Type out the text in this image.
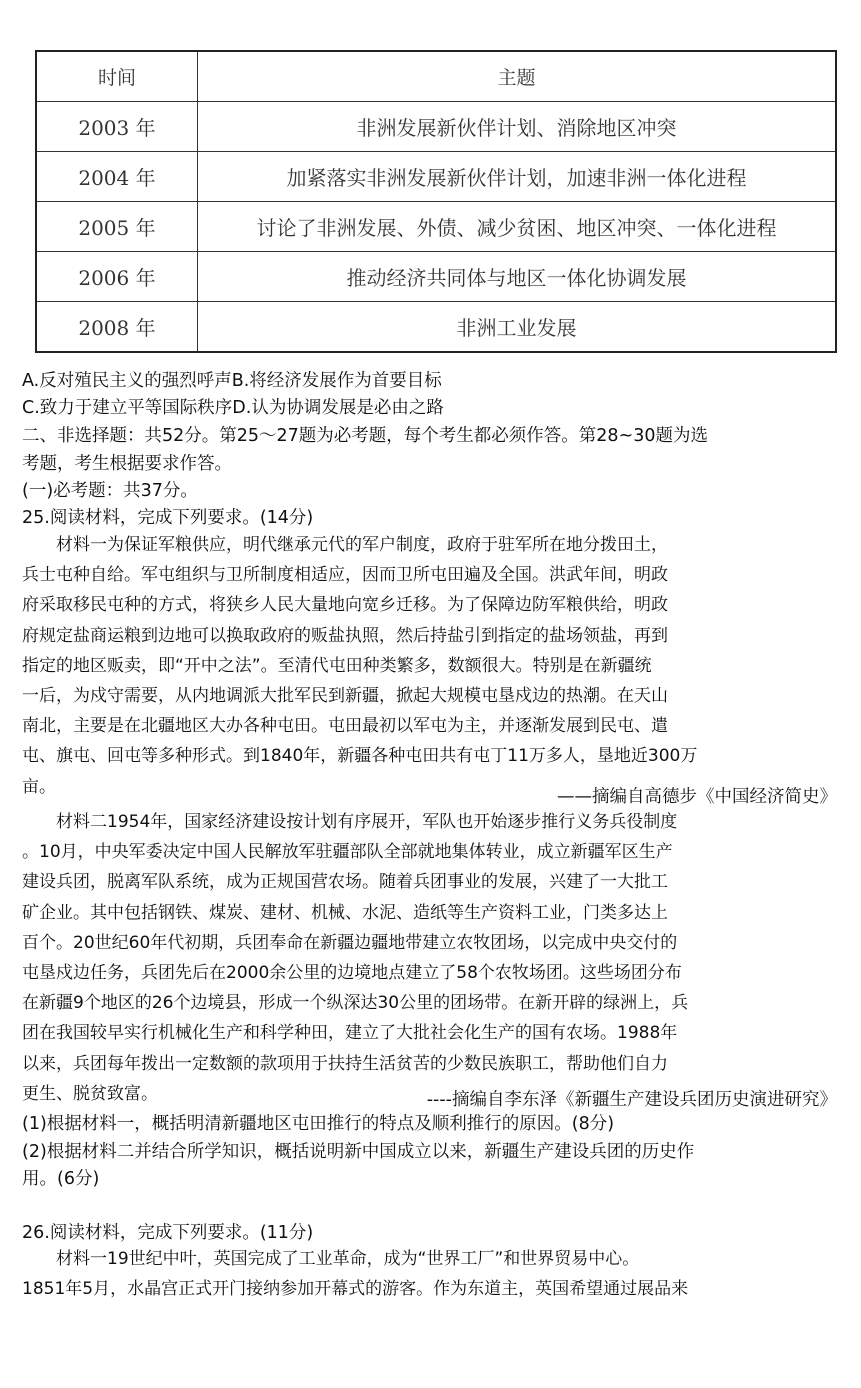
时间	主题
2003 年	非洲发展新伙伴计划、消除地区冲突
2004 年	加紧落实非洲发展新伙伴计划，加速非洲一体化进程
2005 年	讨论了非洲发展、外债、减少贫困、地区冲突、一体化进程
2006 年	推动经济共同体与地区一体化协调发展
2008 年	非洲工业发展
A.反对殖民主义的强烈呼声B.将经济发展作为首要目标
C.致力于建立平等国际秩序D.认为协调发展是必由之路
二、非选择题：共52分。第25～27题为必考题，每个考生都必须作答。第28~30题为选
考题，考生根据要求作答。
(一)必考题：共37分。
25.阅读材料，完成下列要求。(14分)
　　材料一为保证军粮供应，明代继承元代的军户制度，政府于驻军所在地分拨田土，
兵士屯种自给。军屯组织与卫所制度相适应，因而卫所屯田遍及全国。洪武年间，明政
府采取移民屯种的方式，将狭乡人民大量地向宽乡迁移。为了保障边防军粮供给，明政
府规定盐商运粮到边地可以换取政府的贩盐执照，然后持盐引到指定的盐场领盐，再到
指定的地区贩卖，即“开中之法”。至清代屯田种类繁多，数额很大。特别是在新疆统
一后，为戍守需要，从内地调派大批军民到新疆，掀起大规模屯垦戍边的热潮。在天山
南北，主要是在北疆地区大办各种屯田。屯田最初以军屯为主，并逐渐发展到民屯、遣
屯、旗屯、回屯等多种形式。到1840年，新疆各种屯田共有屯丁11万多人，垦地近300万
亩。
——摘编自高德步《中国经济简史》
　　材料二1954年，国家经济建设按计划有序展开，军队也开始逐步推行义务兵役制度
。10月，中央军委决定中国人民解放军驻疆部队全部就地集体转业，成立新疆军区生产
建设兵团，脱离军队系统，成为正规国营农场。随着兵团事业的发展，兴建了一大批工
矿企业。其中包括钢铁、煤炭、建材、机械、水泥、造纸等生产资料工业，门类多达上
百个。20世纪60年代初期，兵团奉命在新疆边疆地带建立农牧团场，以完成中央交付的
屯垦戍边任务，兵团先后在2000余公里的边境地点建立了58个农牧场团。这些场团分布
在新疆9个地区的26个边境县，形成一个纵深达30公里的团场带。在新开辟的绿洲上，兵
团在我国较早实行机械化生产和科学种田，建立了大批社会化生产的国有农场。1988年
以来，兵团每年拨出一定数额的款项用于扶持生活贫苦的少数民族职工，帮助他们自力
更生、脱贫致富。	----摘编自李东泽《新疆生产建设兵团历史演进研究》
(1)根据材料一，概括明清新疆地区屯田推行的特点及顺利推行的原因。(8分)
(2)根据材料二并结合所学知识，概括说明新中国成立以来，新疆生产建设兵团的历史作
用。(6分)
26.阅读材料，完成下列要求。(11分)
　　材料一19世纪中叶，英国完成了工业革命，成为“世界工厂”和世界贸易中心。
1851年5月，水晶宫正式开门接纳参加开幕式的游客。作为东道主，英国希望通过展品来
